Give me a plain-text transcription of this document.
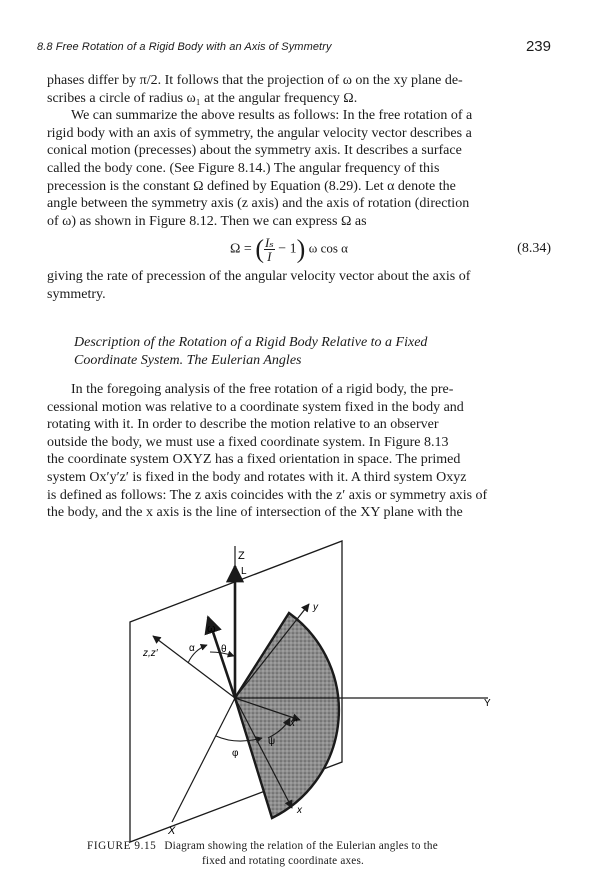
8.8 Free Rotation of a Rigid Body with an Axis of Symmetry	239

phases differ by π/2. It follows that the projection of ω on the xy plane de-

scribes a circle of radius ω₁ at the angular frequency Ω.

We can summarize the above results as follows: In the free rotation of a

rigid body with an axis of symmetry, the angular velocity vector describes a

conical motion (precesses) about the symmetry axis. It describes a surface

called the body cone. (See Figure 8.14.) The angular frequency of this

precession is the constant Ω defined by Equation (8.29). Let α denote the

angle between the symmetry axis (z axis) and the axis of rotation (direction

of ω) as shown in Figure 8.12. Then we can express Ω as

Ω = ( $\frac{\text{Iₛ}}{I} - 1$) ω cos α	(8.34)

giving the rate of precession of the angular velocity vector about the axis of

symmetry.

Description of the Rotation of a Rigid Body Relative to a Fixed
Coordinate System. The Eulerian Angles

In the foregoing analysis of the free rotation of a rigid body, the pre-

cessional motion was relative to a coordinate system fixed in the body and

rotating with it. In order to describe the motion relative to an observer

outside the body, we must use a fixed coordinate system. In Figure 8.13

the coordinate system OXYZ has a fixed orientation in space. The primed

system Ox′y′z′ is fixed in the body and rotates with it. A third system Oxyz

is defined as follows: The z axis coincides with the z′ axis or symmetry axis of

the body, and the x axis is the line of intersection of the XY plane with the

Z
L
y
ω
z,z′	α	θ
Y
φ
x′
ψ
x
X
FIGURE 9.15 Diagram showing the relation of the Eulerian angles to the
fixed and rotating coordinate axes.
